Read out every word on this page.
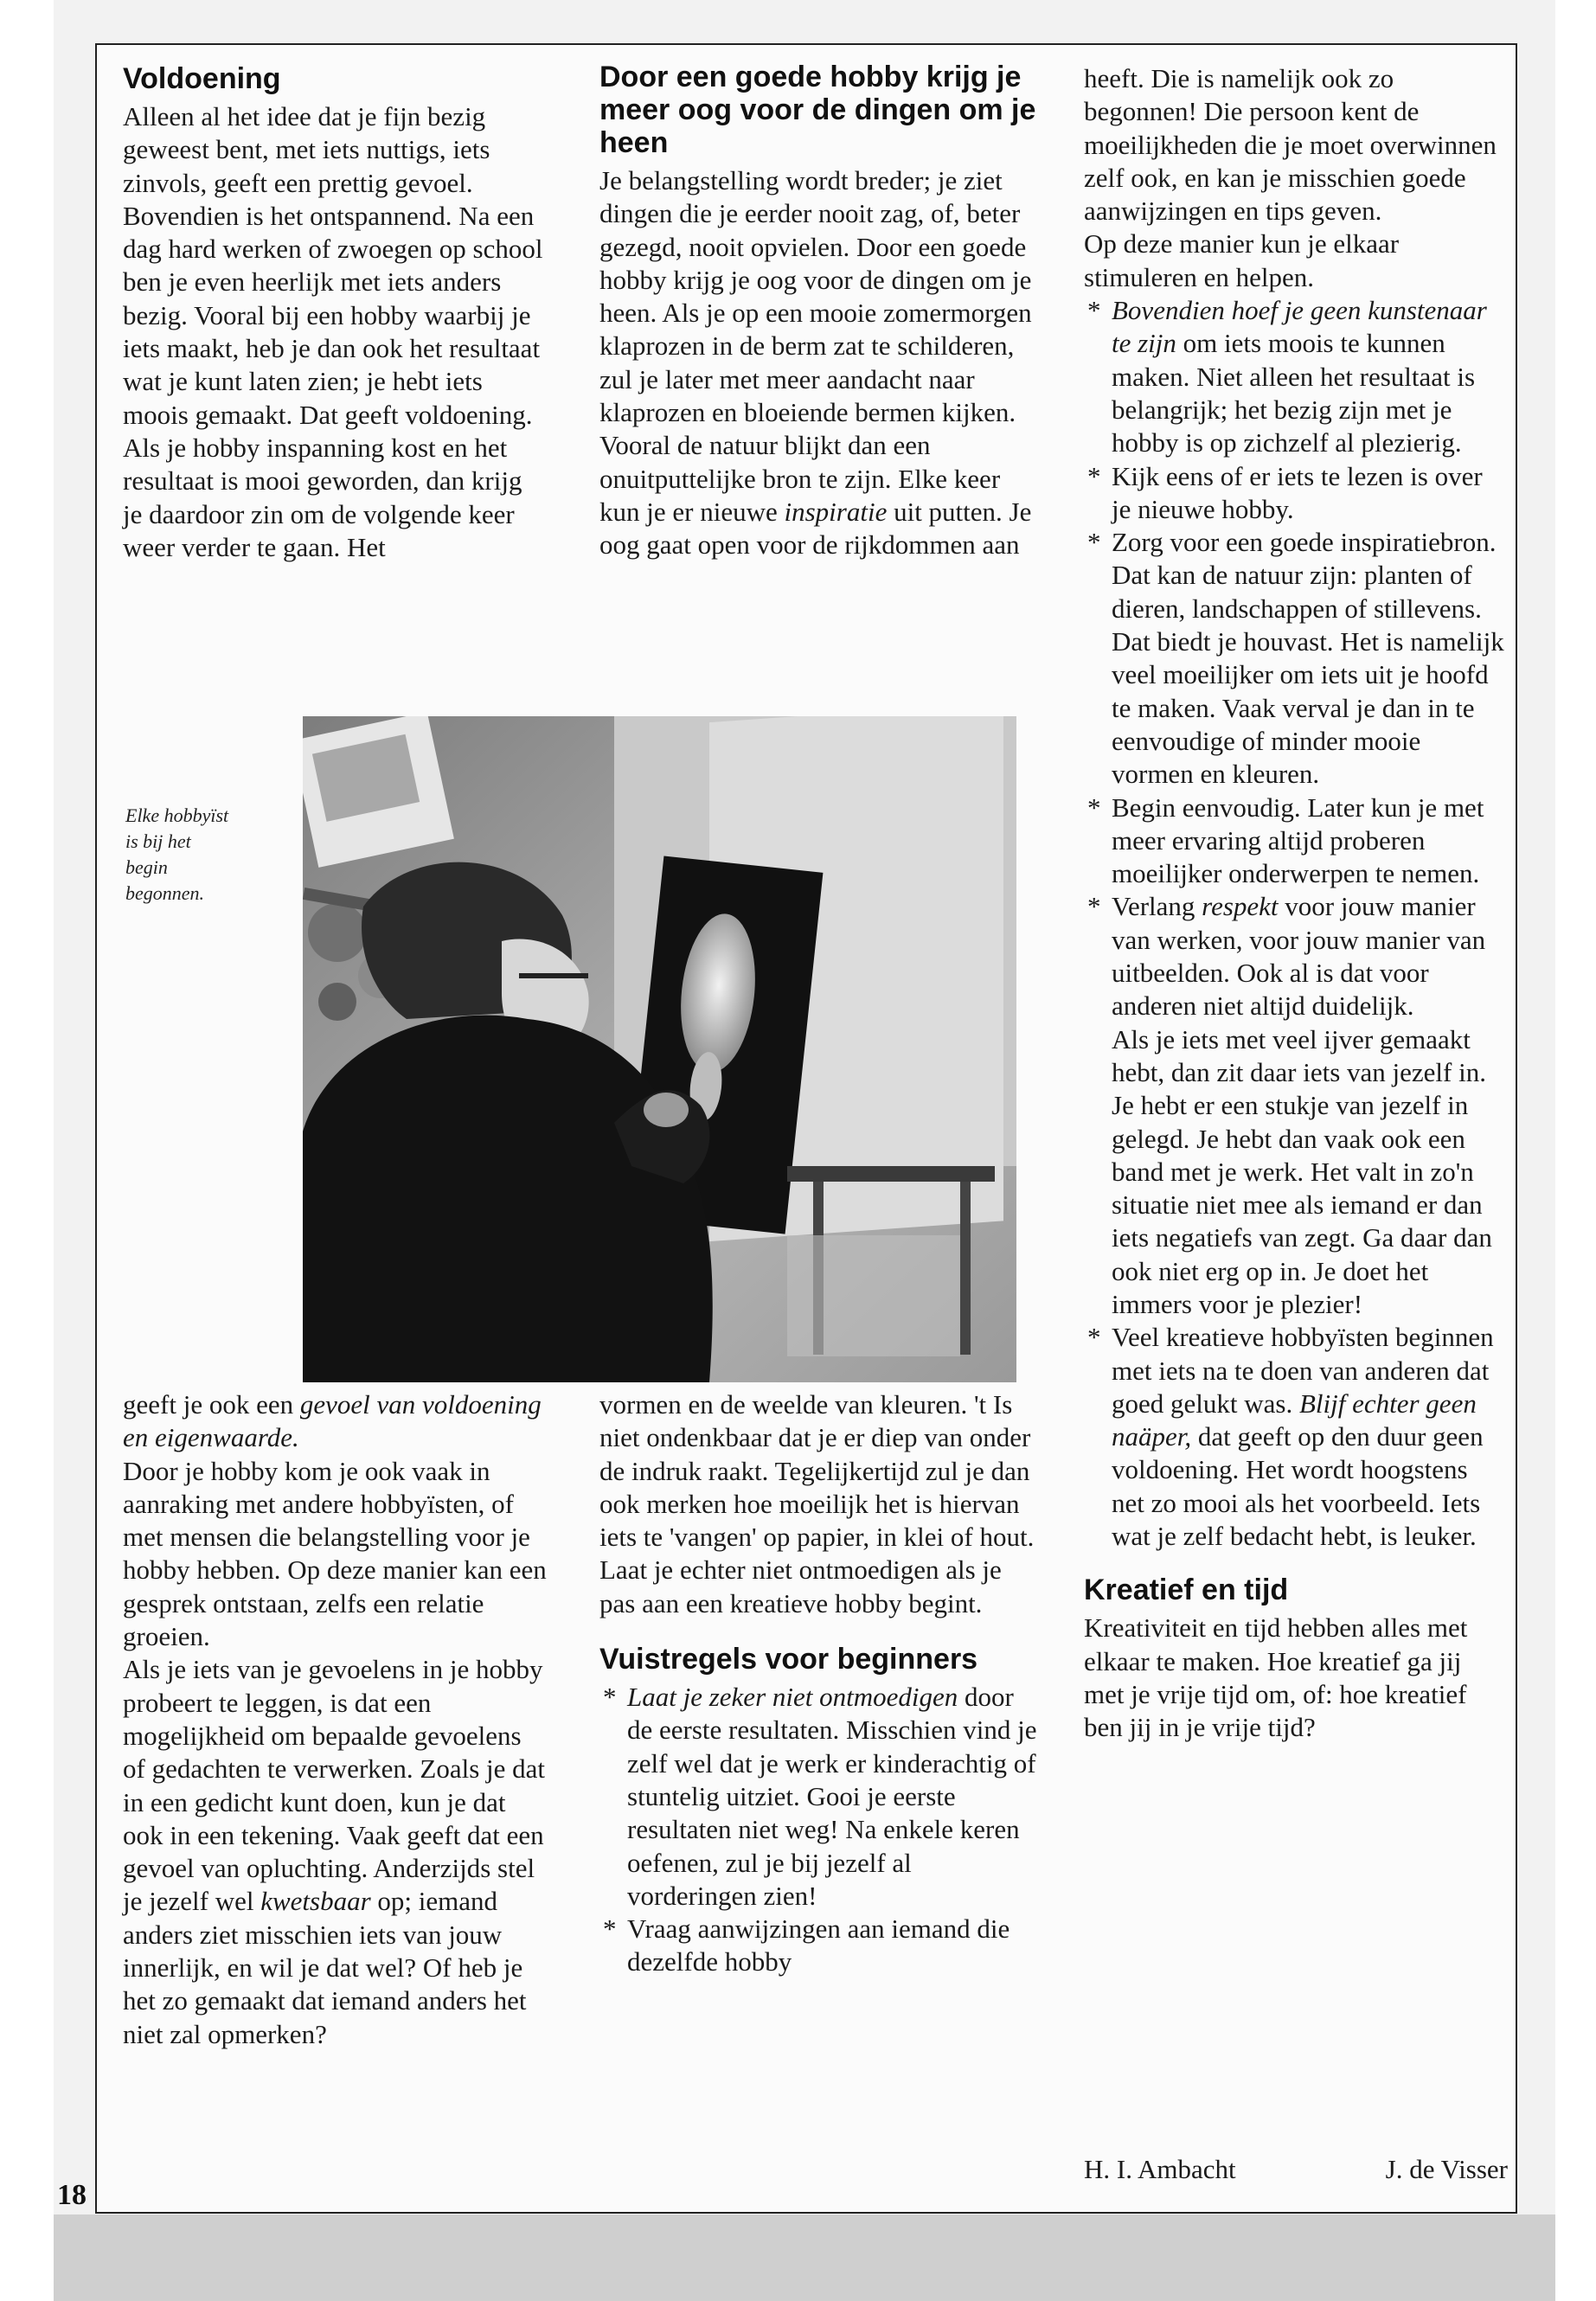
Voldoening

Alleen al het idee dat je fijn bezig geweest bent, met iets nuttigs, iets zinvols, geeft een prettig gevoel.

Bovendien is het ontspannend. Na een dag hard werken of zwoegen op school ben je even heerlijk met iets anders bezig. Vooral bij een hobby waarbij je iets maakt, heb je dan ook het resultaat wat je kunt laten zien; je hebt iets moois gemaakt. Dat geeft voldoening.

Als je hobby inspanning kost en het resultaat is mooi geworden, dan krijg je daardoor zin om de volgende keer weer verder te gaan. Het

Elke hobbyïst is bij het begin begonnen.

geeft je ook een gevoel van voldoening en eigenwaarde.

Door je hobby kom je ook vaak in aanraking met andere hobbyïsten, of met mensen die belangstelling voor je hobby hebben. Op deze manier kan een gesprek ontstaan, zelfs een relatie groeien.

Als je iets van je gevoelens in je hobby probeert te leggen, is dat een mogelijkheid om bepaalde gevoelens of gedachten te verwerken. Zoals je dat in een gedicht kunt doen, kun je dat ook in een tekening. Vaak geeft dat een gevoel van opluchting. Anderzijds stel je jezelf wel kwetsbaar op; iemand anders ziet misschien iets van jouw innerlijk, en wil je dat wel? Of heb je het zo gemaakt dat iemand anders het niet zal opmerken?

Door een goede hobby krijg je meer oog voor de dingen om je heen

Je belangstelling wordt breder; je ziet dingen die je eerder nooit zag, of, beter gezegd, nooit opvielen. Door een goede hobby krijg je oog voor de dingen om je heen. Als je op een mooie zomermorgen klaprozen in de berm zat te schilderen, zul je later met meer aandacht naar klaprozen en bloeiende bermen kijken.

Vooral de natuur blijkt dan een onuitputtelijke bron te zijn. Elke keer kun je er nieuwe inspiratie uit putten. Je oog gaat open voor de rijkdommen aan

vormen en de weelde van kleuren. 't Is niet ondenkbaar dat je er diep van onder de indruk raakt. Tegelijkertijd zul je dan ook merken hoe moeilijk het is hiervan iets te 'vangen' op papier, in klei of hout.

Laat je echter niet ontmoedigen als je pas aan een kreatieve hobby begint.

Vuistregels voor beginners
* Laat je zeker niet ontmoedigen door de eerste resultaten. Misschien vind je zelf wel dat je werk er kinderachtig of stuntelig uitziet. Gooi je eerste resultaten niet weg! Na enkele keren oefenen, zul je bij jezelf al vorderingen zien!
* Vraag aanwijzingen aan iemand die dezelfde hobby

heeft. Die is namelijk ook zo begonnen! Die persoon kent de moeilijkheden die je moet overwinnen zelf ook, en kan je misschien goede aanwijzingen en tips geven.

Op deze manier kun je elkaar stimuleren en helpen.

* Bovendien hoef je geen kunstenaar te zijn om iets moois te kunnen maken. Niet alleen het resultaat is belangrijk; het bezig zijn met je hobby is op zichzelf al plezierig.
* Kijk eens of er iets te lezen is over je nieuwe hobby.
* Zorg voor een goede inspiratiebron. Dat kan de natuur zijn: planten of dieren, landschappen of stillevens. Dat biedt je houvast. Het is namelijk veel moeilijker om iets uit je hoofd te maken. Vaak verval je dan in te eenvoudige of minder mooie vormen en kleuren.
* Begin eenvoudig. Later kun je met meer ervaring altijd proberen moeilijker onderwerpen te nemen.
* Verlang respekt voor jouw manier van werken, voor jouw manier van uitbeelden. Ook al is dat voor anderen niet altijd duidelijk.
Als je iets met veel ijver gemaakt hebt, dan zit daar iets van jezelf in. Je hebt er een stukje van jezelf in gelegd. Je hebt dan vaak ook een band met je werk. Het valt in zo'n situatie niet mee als iemand er dan iets negatiefs van zegt. Ga daar dan ook niet erg op in. Je doet het immers voor je plezier!
* Veel kreatieve hobbyïsten beginnen met iets na te doen van anderen dat goed gelukt was. Blijf echter geen naäper, dat geeft op den duur geen voldoening. Het wordt hoogstens net zo mooi als het voorbeeld. Iets wat je zelf bedacht hebt, is leuker.
Kreatief en tijd

Kreativiteit en tijd hebben alles met elkaar te maken. Hoe kreatief ga jij met je vrije tijd om, of: hoe kreatief ben jij in je vrije tijd?

H. I. Ambacht	J. de Visser
18
